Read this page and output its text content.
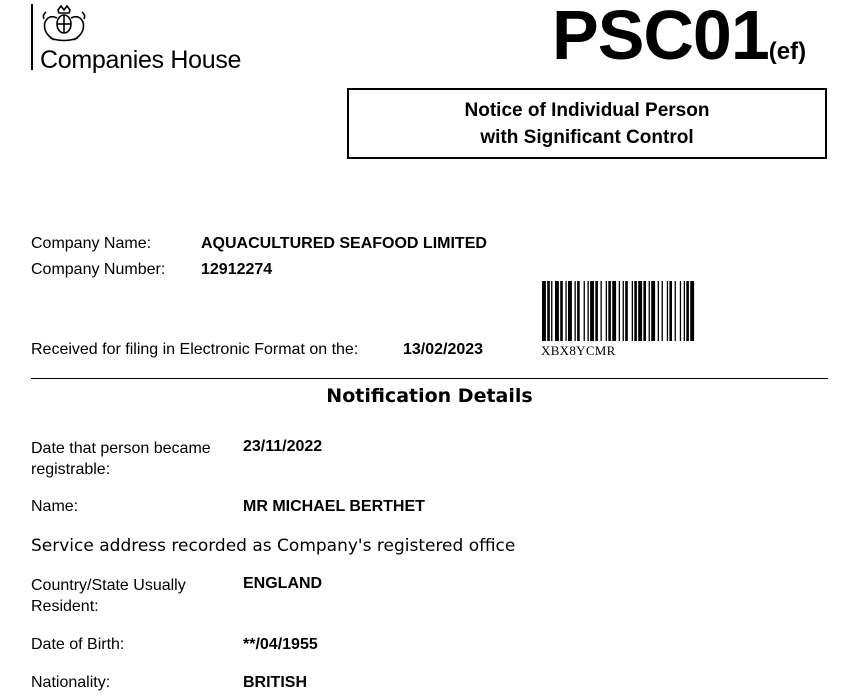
Companies House	PSC01(ef)
Notice of Individual Person
with Significant Control
Company Name:	AQUACULTURED SEAFOOD LIMITED
Company Number: 12912274
Received for filing in Electronic Format on the:	13/02/2023	XBX8YCMR
Notification Details
Date that person became
registrable:
23/11/2022
Name:	MR MICHAEL BERTHET
Service address recorded as Company's registered office
Country/State Usually
Resident:
ENGLAND
Date of Birth:	**/04/1955
Nationality:	BRITISH
